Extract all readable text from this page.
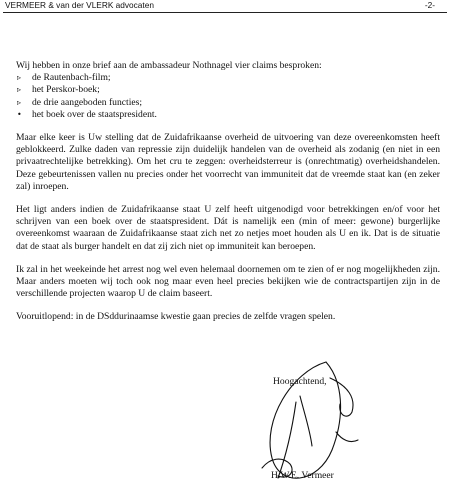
VERMEER & van der VLERK advocaten	-2-

Wij hebben in onze brief aan de ambassadeur Nothnagel vier claims besproken:

▹ de Rautenbach-film;
▹ het Perskor-boek;
▹ de drie aangeboden functies;
• het boek over de staatspresident.

Maar elke keer is Uw stelling dat de Zuidafrikaanse overheid de uitvoering van deze overeenkomsten heeft geblokkeerd. Zulke daden van repressie zijn duidelijk handelen van de overheid als zodanig (en niet in een privaatrechtelijke betrekking). Om het cru te zeggen: overheidsterreur is (onrechtmatig) overheidshandelen. Deze gebeurtenissen vallen nu precies onder het voorrecht van immuniteit dat de vreemde staat kan (en zeker zal) inroepen.

Het ligt anders indien de Zuidafrikaanse staat U zelf heeft uitgenodigd voor betrekkingen en/of voor het schrijven van een boek over de staatspresident. Dát is namelijk een (min of meer: gewone) burgerlijke overeenkomst waaraan de Zuidafrikaanse staat zich net zo netjes moet houden als U en ik. Dat is de situatie dat de staat als burger handelt en dat zij zich niet op immuniteit kan beroepen.

Ik zal in het weekeinde het arrest nog wel even helemaal doornemen om te zien of er nog mogelijkheden zijn. Maar anders moeten wij toch ook nog maar even heel precies bekijken wie de contractspartijen zijn in de verschillende projecten waarop U de claim baseert.

Vooruitlopend: in de DSddurinaamse kwestie gaan precies de zelfde vragen spelen.

Hoogachtend,
H.W.E. Vermeer
